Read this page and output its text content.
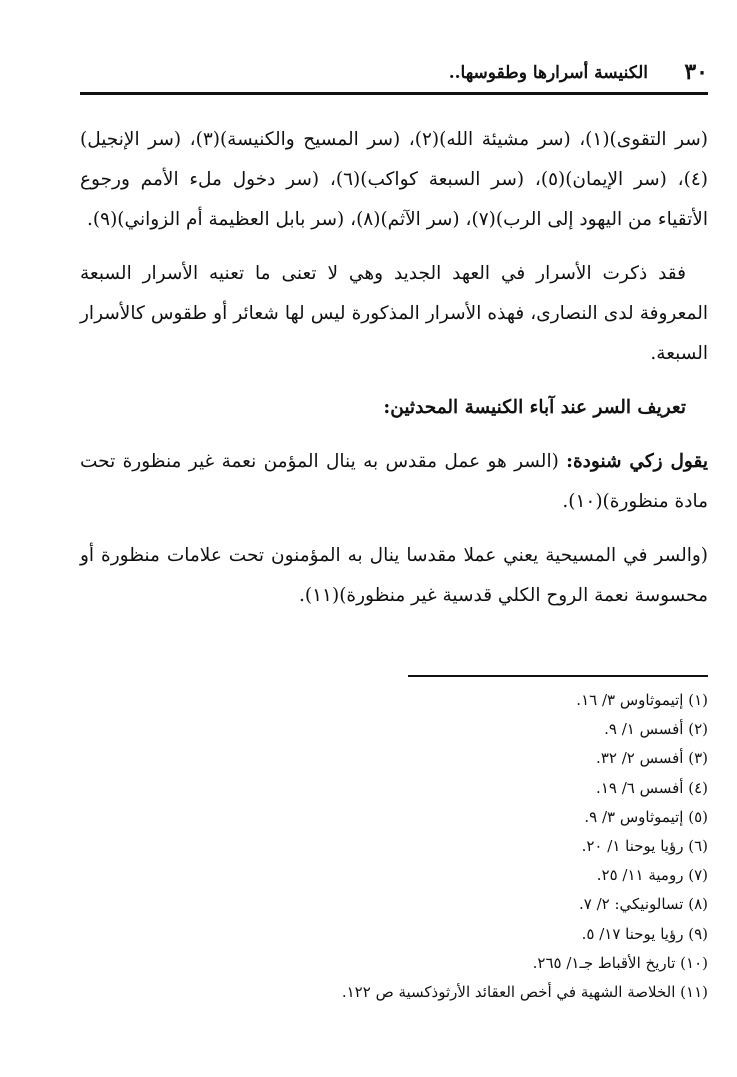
٣٠
الكنيسة أسرارها وطقوسها..

(سر التقوى)(١)، (سر مشيئة الله)(٢)، (سر المسيح والكنيسة)(٣)، (سر الإنجيل)(٤)، (سر الإيمان)(٥)، (سر السبعة كواكب)(٦)، (سر دخول ملء الأمم ورجوع الأتقياء من اليهود إلى الرب)(٧)، (سر الآثم)(٨)، (سر بابل العظيمة أم الزواني)(٩).

فقد ذكرت الأسرار في العهد الجديد وهي لا تعنى ما تعنيه الأسرار السبعة المعروفة لدى النصارى، فهذه الأسرار المذكورة ليس لها شعائر أو طقوس كالأسرار السبعة.

تعريف السر عند آباء الكنيسة المحدثين:

يقول زكي شنودة: (السر هو عمل مقدس به ينال المؤمن نعمة غير منظورة تحت مادة منظورة)(١٠).

(والسر في المسيحية يعني عملا مقدسا ينال به المؤمنون تحت علامات منظورة أو محسوسة نعمة الروح الكلي قدسية غير منظورة)(١١).

(١) إتيموثاوس ٣/ ١٦.
(٢) أفسس ١/ ٩.
(٣) أفسس ٢/ ٣٢.
(٤) أفسس ٦/ ١٩.
(٥) إتيموثاوس ٣/ ٩.
(٦) رؤيا يوحنا ١/ ٢٠.
(٧) رومية ١١/ ٢٥.
(٨) تسالونيكي: ٢/ ٧.
(٩) رؤيا يوحنا ١٧/ ٥.
(١٠) تاريخ الأقباط جـ١/ ٢٦٥.
(١١) الخلاصة الشهية في أخص العقائد الأرثوذكسية ص ١٢٢.
